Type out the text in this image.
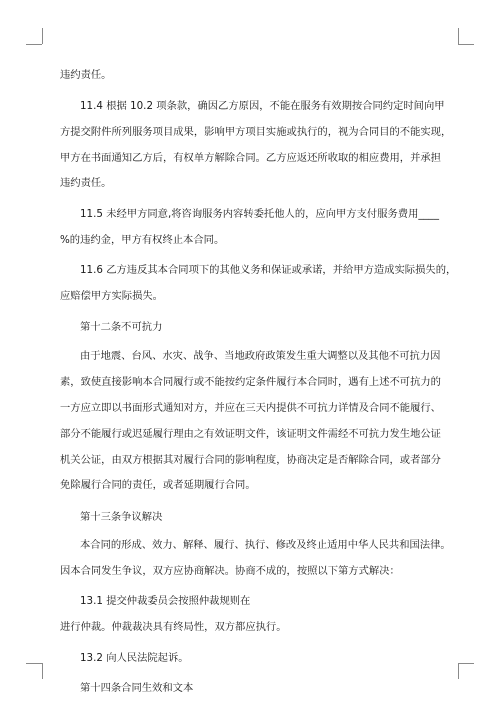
违约责任。
11.4 根据 10.2 项条款，确因乙方原因，不能在服务有效期按合同约定时间向甲
方提交附件所列服务项目成果，影响甲方项目实施或执行的，视为合同目的不能实现，
甲方在书面通知乙方后，有权单方解除合同。乙方应返还所收取的相应费用，并承担
违约责任。
11.5 未经甲方同意,将咨询服务内容转委托他人的，应向甲方支付服务费用____
%的违约金，甲方有权终止本合同。
11.6 乙方违反其本合同项下的其他义务和保证或承诺，并给甲方造成实际损失的，
应赔偿甲方实际损失。
第十二条不可抗力
由于地震、台风、水灾、战争、当地政府政策发生重大调整以及其他不可抗力因
素，致使直接影响本合同履行或不能按约定条件履行本合同时，遇有上述不可抗力的
一方应立即以书面形式通知对方，并应在三天内提供不可抗力详情及合同不能履行、
部分不能履行或迟延履行理由之有效证明文件，该证明文件需经不可抗力发生地公证
机关公证，由双方根据其对履行合同的影响程度，协商决定是否解除合同，或者部分
免除履行合同的责任，或者延期履行合同。
第十三条争议解决
本合同的形成、效力、解释、履行、执行、修改及终止适用中华人民共和国法律。
因本合同发生争议，双方应协商解决。协商不成的，按照以下第方式解决：
13.1 提交仲裁委员会按照仲裁规则在
进行仲裁。仲裁裁决具有终局性，双方都应执行。
13.2 向人民法院起诉。
第十四条合同生效和文本
